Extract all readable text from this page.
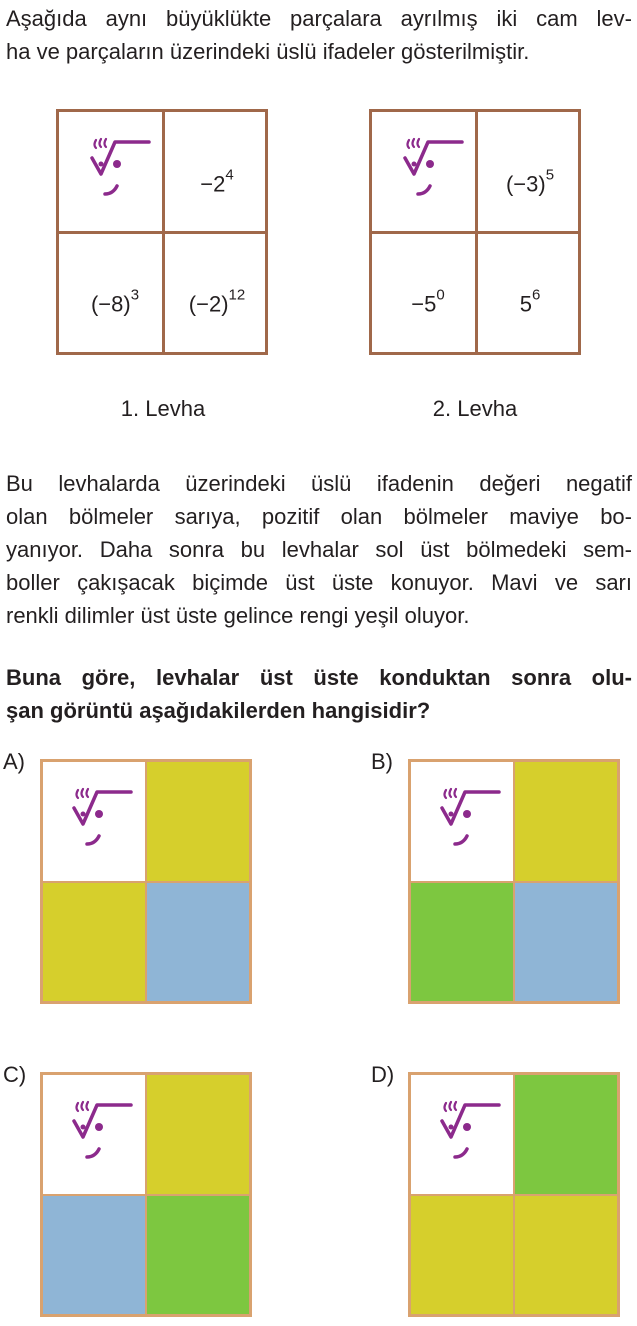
Aşağıda aynı büyüklükte parçalara ayrılmış iki cam lev-
ha ve parçaların üzerindeki üslü ifadeler gösterilmiştir.
$-2^4$
$(-8)^3$ $(-2)^{12}$
1. Levha
$(-3)^5$
$-5^0$	$5^6$
2. Levha
Bu levhalarda üzerindeki üslü ifadenin değeri negatif
olan bölmeler sarıya, pozitif olan bölmeler maviye bo-
yanıyor. Daha sonra bu levhalar sol üst bölmedeki sem-
boller çakışacak biçimde üst üste konuyor. Mavi ve sarı
renkli dilimler üst üste gelince rengi yeşil oluyor.
Buna göre, levhalar üst üste konduktan sonra olu-
şan görüntü aşağıdakilerden hangisidir?
A)	B)
C)	D)
